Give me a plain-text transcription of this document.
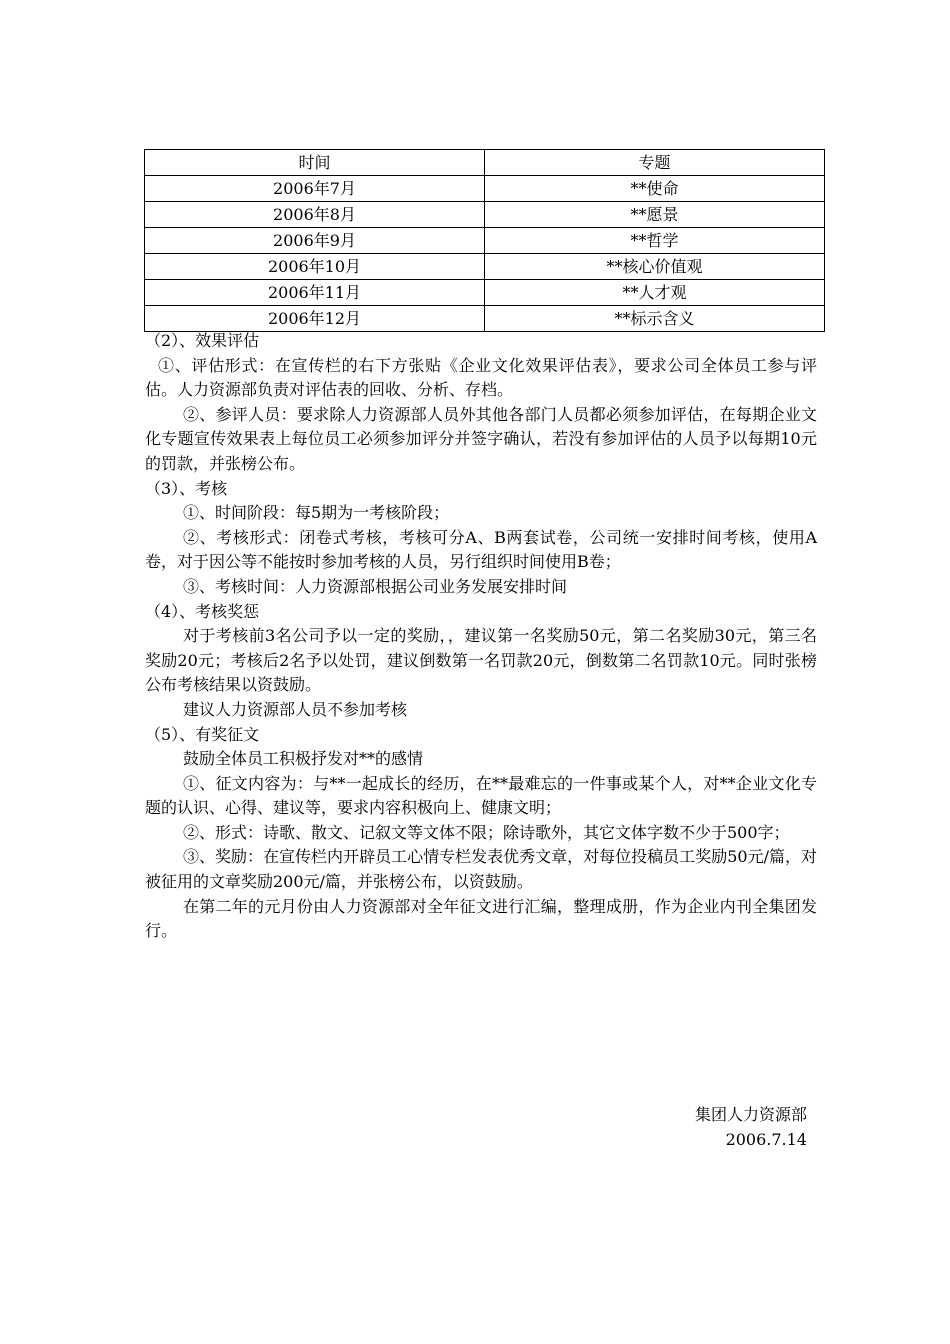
时间	专题
2006年7月	**使命
2006年8月	**愿景
2006年9月	**哲学
2006年10月	**核心价值观
2006年11月	**人才观
2006年12月	**标示含义

（2）、效果评估

①、评估形式：在宣传栏的右下方张贴《企业文化效果评估表》，要求公司全体员工参与评估。人力资源部负责对评估表的回收、分析、存档。

②、参评人员：要求除人力资源部人员外其他各部门人员都必须参加评估，在每期企业文化专题宣传效果表上每位员工必须参加评分并签字确认，若没有参加评估的人员予以每期10元的罚款，并张榜公布。

（3）、考核

①、时间阶段：每5期为一考核阶段；

②、考核形式：闭卷式考核，考核可分A、B两套试卷，公司统一安排时间考核，使用A卷，对于因公等不能按时参加考核的人员，另行组织时间使用B卷；

③、考核时间：人力资源部根据公司业务发展安排时间

（4）、考核奖惩

对于考核前3名公司予以一定的奖励，，建议第一名奖励50元，第二名奖励30元，第三名奖励20元；考核后2名予以处罚，建议倒数第一名罚款20元，倒数第二名罚款10元。同时张榜公布考核结果以资鼓励。

建议人力资源部人员不参加考核

（5）、有奖征文

鼓励全体员工积极抒发对**的感情

①、征文内容为：与**一起成长的经历，在**最难忘的一件事或某个人，对**企业文化专题的认识、心得、建议等，要求内容积极向上、健康文明；

②、形式：诗歌、散文、记叙文等文体不限；除诗歌外，其它文体字数不少于500字；

③、奖励：在宣传栏内开辟员工心情专栏发表优秀文章，对每位投稿员工奖励50元/篇，对被征用的文章奖励200元/篇，并张榜公布，以资鼓励。

在第二年的元月份由人力资源部对全年征文进行汇编，整理成册，作为企业内刊全集团发行。

集团人力资源部
2006.7.14
